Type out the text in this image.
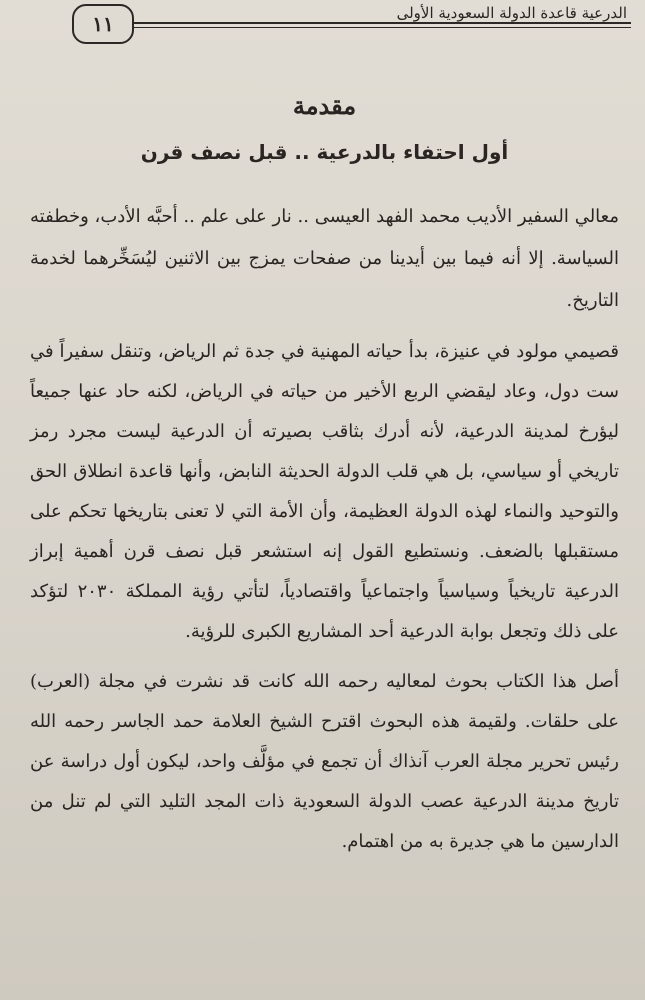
الدرعية قاعدة الدولة السعودية الأولى
١١
مقدمة
أول احتفاء بالدرعية .. قبل نصف قرن

معالي السفير الأديب محمد الفهد العيسى .. نار على علم .. أحبَّه الأدب، وخطفته السياسة. إلا أنه فيما بين أيدينا من صفحات يمزج بين الاثنين ليُسَخِّرهما لخدمة التاريخ.

قصيمي مولود في عنيزة، بدأ حياته المهنية في جدة ثم الرياض، وتنقل سفيراً في ست دول، وعاد ليقضي الربع الأخير من حياته في الرياض، لكنه حاد عنها جميعاً ليؤرخ لمدينة الدرعية، لأنه أدرك بثاقب بصيرته أن الدرعية ليست مجرد رمز تاريخي أو سياسي، بل هي قلب الدولة الحديثة النابض، وأنها قاعدة انطلاق الحق والتوحيد والنماء لهذه الدولة العظيمة، وأن الأمة التي لا تعنى بتاريخها تحكم على مستقبلها بالضعف. ونستطيع القول إنه استشعر قبل نصف قرن أهمية إبراز الدرعية تاريخياً وسياسياً واجتماعياً واقتصادياً، لتأتي رؤية المملكة ٢٠٣٠ لتؤكد على ذلك وتجعل بوابة الدرعية أحد المشاريع الكبرى للرؤية.

أصل هذا الكتاب بحوث لمعاليه رحمه الله كانت قد نشرت في مجلة (العرب) على حلقات. ولقيمة هذه البحوث اقترح الشيخ العلامة حمد الجاسر رحمه الله رئيس تحرير مجلة العرب آنذاك أن تجمع في مؤلَّف واحد، ليكون أول دراسة عن تاريخ مدينة الدرعية عصب الدولة السعودية ذات المجد التليد التي لم تنل من الدارسين ما هي جديرة به من اهتمام.
